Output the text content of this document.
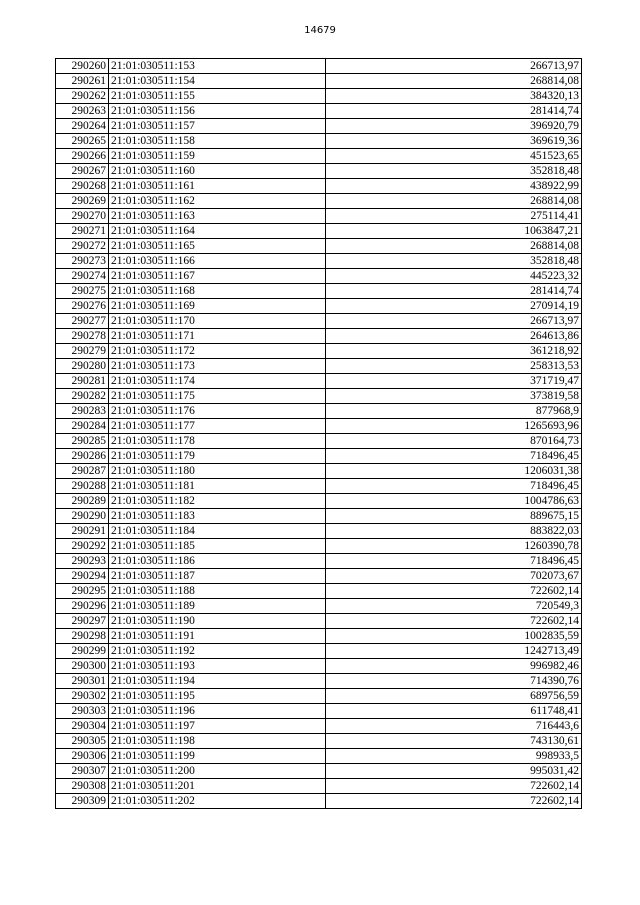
14679
290260	21:01:030511:153	266713,97
290261	21:01:030511:154	268814,08
290262	21:01:030511:155	384320,13
290263	21:01:030511:156	281414,74
290264	21:01:030511:157	396920,79
290265	21:01:030511:158	369619,36
290266	21:01:030511:159	451523,65
290267	21:01:030511:160	352818,48
290268	21:01:030511:161	438922,99
290269	21:01:030511:162	268814,08
290270	21:01:030511:163	275114,41
290271	21:01:030511:164	1063847,21
290272	21:01:030511:165	268814,08
290273	21:01:030511:166	352818,48
290274	21:01:030511:167	445223,32
290275	21:01:030511:168	281414,74
290276	21:01:030511:169	270914,19
290277	21:01:030511:170	266713,97
290278	21:01:030511:171	264613,86
290279	21:01:030511:172	361218,92
290280	21:01:030511:173	258313,53
290281	21:01:030511:174	371719,47
290282	21:01:030511:175	373819,58
290283	21:01:030511:176	877968,9
290284	21:01:030511:177	1265693,96
290285	21:01:030511:178	870164,73
290286	21:01:030511:179	718496,45
290287	21:01:030511:180	1206031,38
290288	21:01:030511:181	718496,45
290289	21:01:030511:182	1004786,63
290290	21:01:030511:183	889675,15
290291	21:01:030511:184	883822,03
290292	21:01:030511:185	1260390,78
290293	21:01:030511:186	718496,45
290294	21:01:030511:187	702073,67
290295	21:01:030511:188	722602,14
290296	21:01:030511:189	720549,3
290297	21:01:030511:190	722602,14
290298	21:01:030511:191	1002835,59
290299	21:01:030511:192	1242713,49
290300	21:01:030511:193	996982,46
290301	21:01:030511:194	714390,76
290302	21:01:030511:195	689756,59
290303	21:01:030511:196	611748,41
290304	21:01:030511:197	716443,6
290305	21:01:030511:198	743130,61
290306	21:01:030511:199	998933,5
290307	21:01:030511:200	995031,42
290308	21:01:030511:201	722602,14
290309	21:01:030511:202	722602,14
